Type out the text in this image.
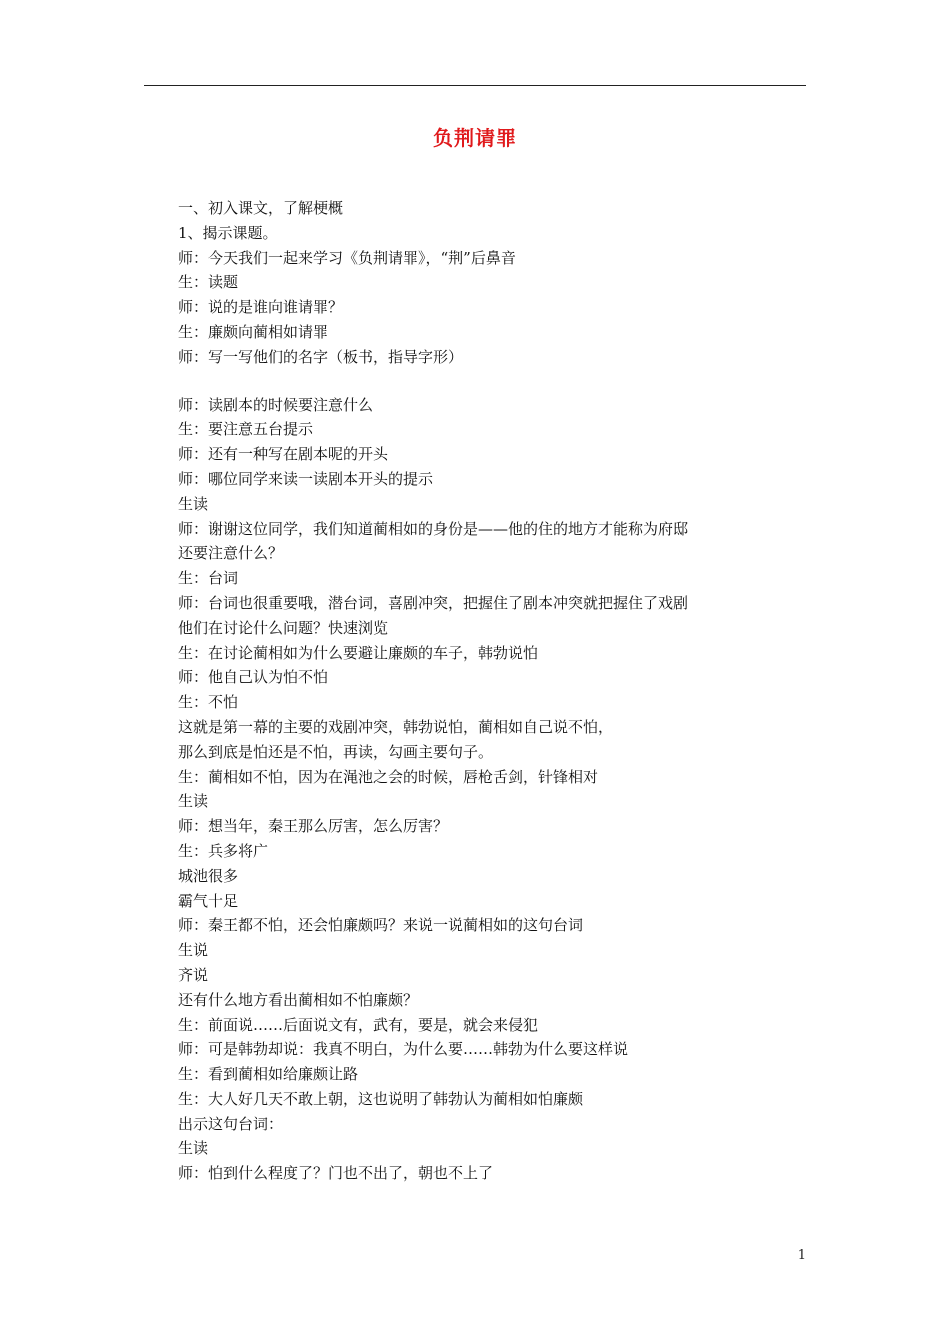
负荆请罪
一、初入课文，了解梗概
1、揭示课题。
师：今天我们一起来学习《负荆请罪》，“荆”后鼻音
生：读题
师：说的是谁向谁请罪？
生：廉颇向蔺相如请罪
师：写一写他们的名字（板书，指导字形）
师：读剧本的时候要注意什么
生：要注意五台提示
师：还有一种写在剧本呢的开头
师：哪位同学来读一读剧本开头的提示
生读
师：谢谢这位同学，我们知道蔺相如的身份是——他的住的地方才能称为府邸
还要注意什么？
生：台词
师：台词也很重要哦，潜台词，喜剧冲突，把握住了剧本冲突就把握住了戏剧
他们在讨论什么问题？快速浏览
生：在讨论蔺相如为什么要避让廉颇的车子，韩勃说怕
师：他自己认为怕不怕
生：不怕
这就是第一幕的主要的戏剧冲突，韩勃说怕，蔺相如自己说不怕，
那么到底是怕还是不怕，再读，勾画主要句子。
生：蔺相如不怕，因为在渑池之会的时候，唇枪舌剑，针锋相对
生读
师：想当年，秦王那么厉害，怎么厉害？
生：兵多将广
城池很多
霸气十足
师：秦王都不怕，还会怕廉颇吗？来说一说蔺相如的这句台词
生说
齐说
还有什么地方看出蔺相如不怕廉颇？
生：前面说……后面说文有，武有，要是，就会来侵犯
师：可是韩勃却说：我真不明白，为什么要……韩勃为什么要这样说
生：看到蔺相如给廉颇让路
生：大人好几天不敢上朝，这也说明了韩勃认为蔺相如怕廉颇
出示这句台词：
生读
师：怕到什么程度了？门也不出了，朝也不上了
1
